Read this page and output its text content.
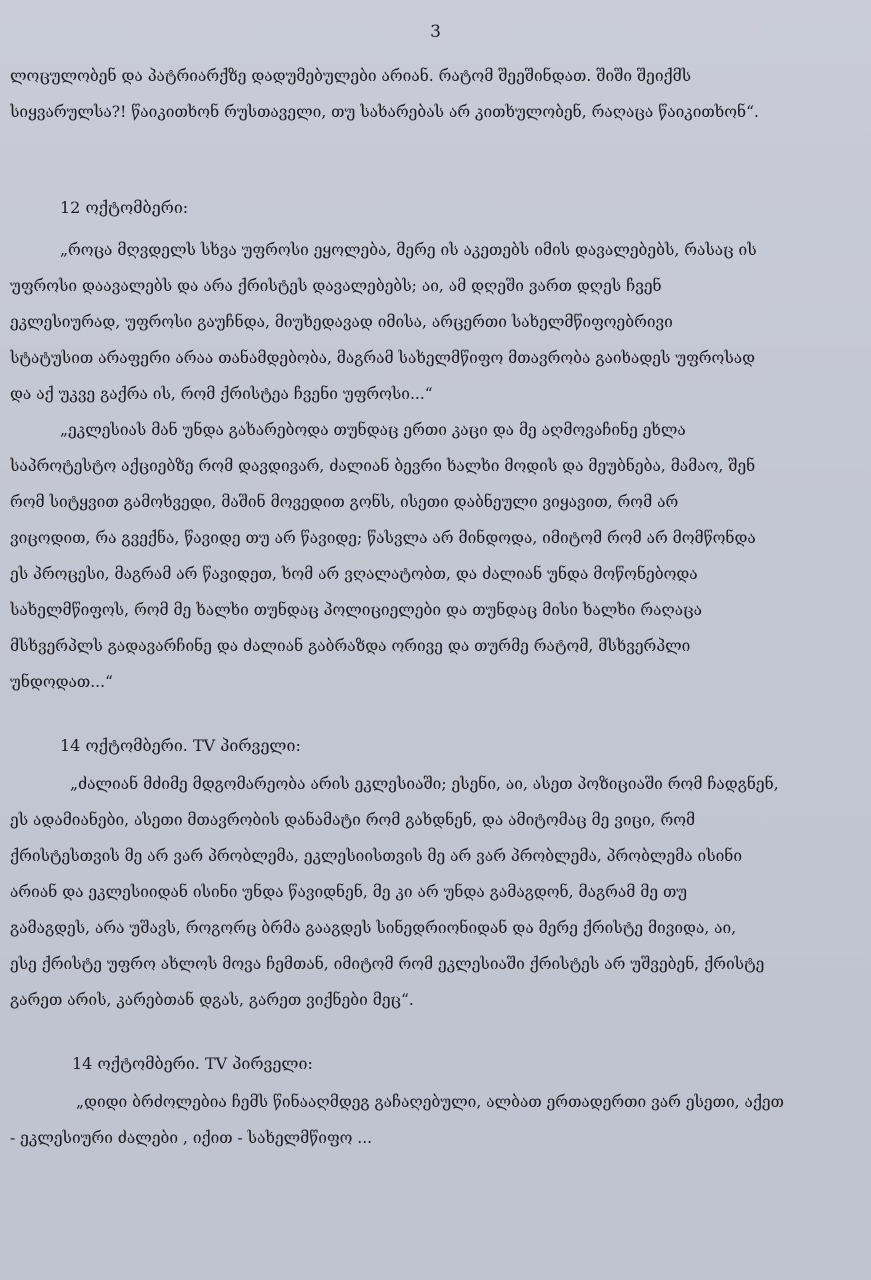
3
ლოცულობენ და პატრიარქზე დადუმებულები არიან. რატომ შეეშინდათ. შიში შეიქმს
სიყვარულსა?! წაიკითხონ რუსთაველი, თუ სახარებას არ კითხულობენ, რაღაცა წაიკითხონ“.
12 ოქტომბერი:
„როცა მღვდელს სხვა უფროსი ეყოლება, მერე ის აკეთებს იმის დავალებებს, რასაც ის
უფროსი დაავალებს და არა ქრისტეს დავალებებს; აი, ამ დღეში ვართ დღეს ჩვენ
ეკლესიურად, უფროსი გაუჩნდა, მიუხედავად იმისა, არცერთი სახელმწიფოებრივი
სტატუსით არაფერი არაა თანამდებობა, მაგრამ სახელმწიფო მთავრობა გაიხადეს უფროსად
და აქ უკვე გაქრა ის, რომ ქრისტეა ჩვენი უფროსი...“
„ეკლესიას მან უნდა გახარებოდა თუნდაც ერთი კაცი და მე აღმოვაჩინე ეხლა
საპროტესტო აქციებზე რომ დავდივარ, ძალიან ბევრი ხალხი მოდის და მეუბნება, მამაო, შენ
რომ სიტყვით გამოხვედი, მაშინ მოვედით გონს, ისეთი დაბნეული ვიყავით, რომ არ
ვიცოდით, რა გვექნა, წავიდე თუ არ წავიდე; წასვლა არ მინდოდა, იმიტომ რომ არ მომწონდა
ეს პროცესი, მაგრამ არ წავიდეთ, ხომ არ ვღალატობთ, და ძალიან უნდა მოწონებოდა
სახელმწიფოს, რომ მე ხალხი თუნდაც პოლიციელები და თუნდაც მისი ხალხი რაღაცა
მსხვერპლს გადავარჩინე და ძალიან გაბრაზდა ორივე და თურმე რატომ, მსხვერპლი
უნდოდათ...“
14 ოქტომბერი. TV პირველი:
„ძალიან მძიმე მდგომარეობა არის ეკლესიაში; ესენი, აი, ასეთ პოზიციაში რომ ჩადგნენ,
ეს ადამიანები, ასეთი მთავრობის დანამატი რომ გახდნენ, და ამიტომაც მე ვიცი, რომ
ქრისტესთვის მე არ ვარ პრობლემა, ეკლესიისთვის მე არ ვარ პრობლემა, პრობლემა ისინი
არიან და ეკლესიიდან ისინი უნდა წავიდნენ, მე კი არ უნდა გამაგდონ, მაგრამ მე თუ
გამაგდეს, არა უშავს, როგორც ბრმა გააგდეს სინედრიონიდან და მერე ქრისტე მივიდა, აი,
ესე ქრისტე უფრო ახლოს მოვა ჩემთან, იმიტომ რომ ეკლესიაში ქრისტეს არ უშვებენ, ქრისტე
გარეთ არის, კარებთან დგას, გარეთ ვიქნები მეც“.
14 ოქტომბერი. TV პირველი:
„დიდი ბრძოლებია ჩემს წინააღმდეგ გაჩაღებული, ალბათ ერთადერთი ვარ ესეთი, აქეთ
- ეკლესიური ძალები , იქით - სახელმწიფო ...
